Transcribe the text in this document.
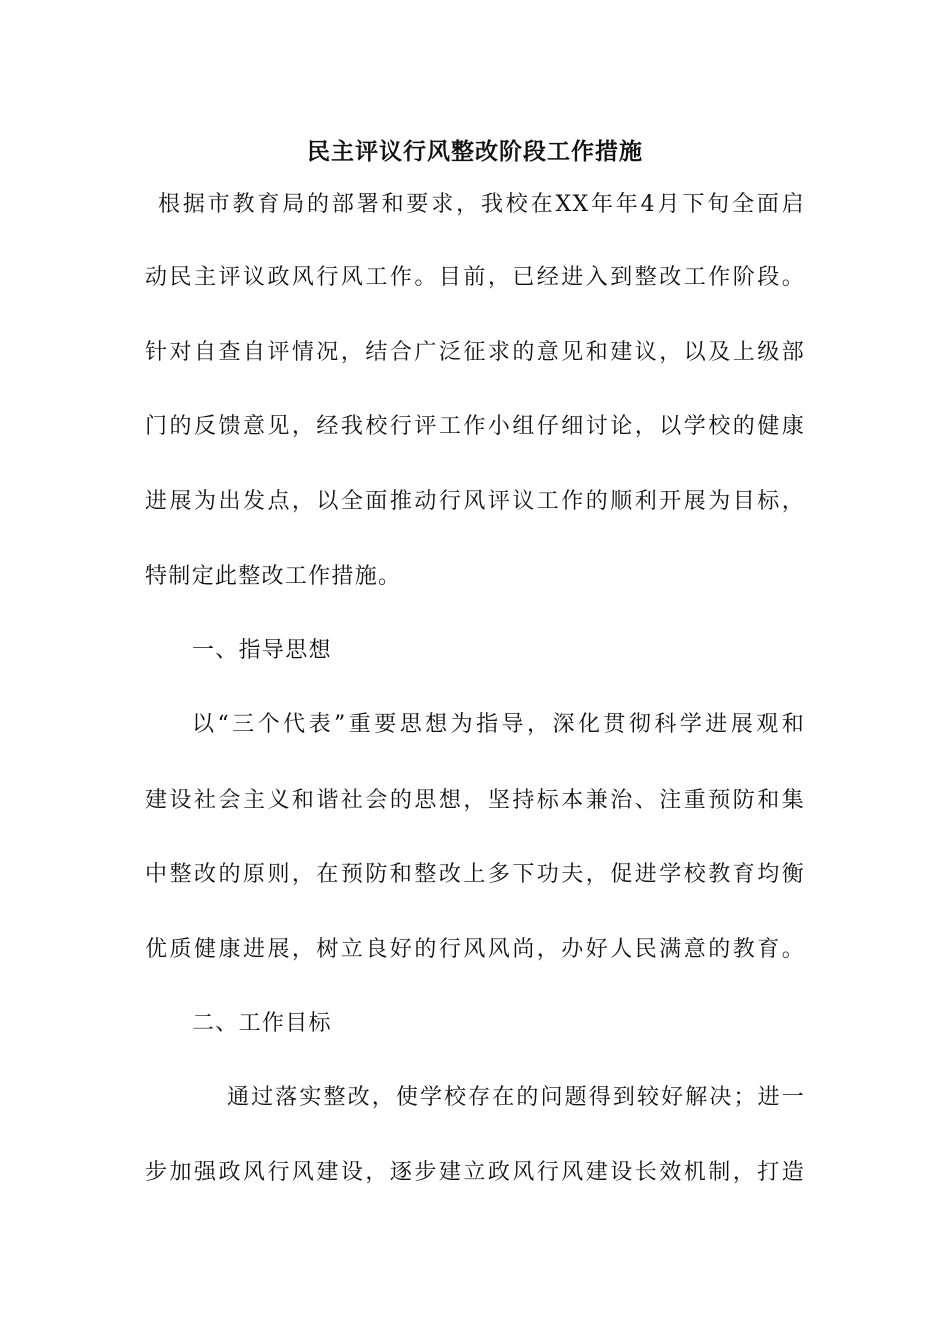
民主评议行风整改阶段工作措施
根据市教育局的部署和要求，我校在XX年年4月下旬全面启
动民主评议政风行风工作。目前，已经进入到整改工作阶段。
针对自查自评情况，结合广泛征求的意见和建议，以及上级部
门的反馈意见，经我校行评工作小组仔细讨论，以学校的健康
进展为出发点，以全面推动行风评议工作的顺利开展为目标，
特制定此整改工作措施。
一、指导思想
以“三个代表”重要思想为指导，深化贯彻科学进展观和
建设社会主义和谐社会的思想，坚持标本兼治、注重预防和集
中整改的原则，在预防和整改上多下功夫，促进学校教育均衡
优质健康进展，树立良好的行风风尚，办好人民满意的教育。
二、工作目标
通过落实整改，使学校存在的问题得到较好解决；进一
步加强政风行风建设，逐步建立政风行风建设长效机制，打造
